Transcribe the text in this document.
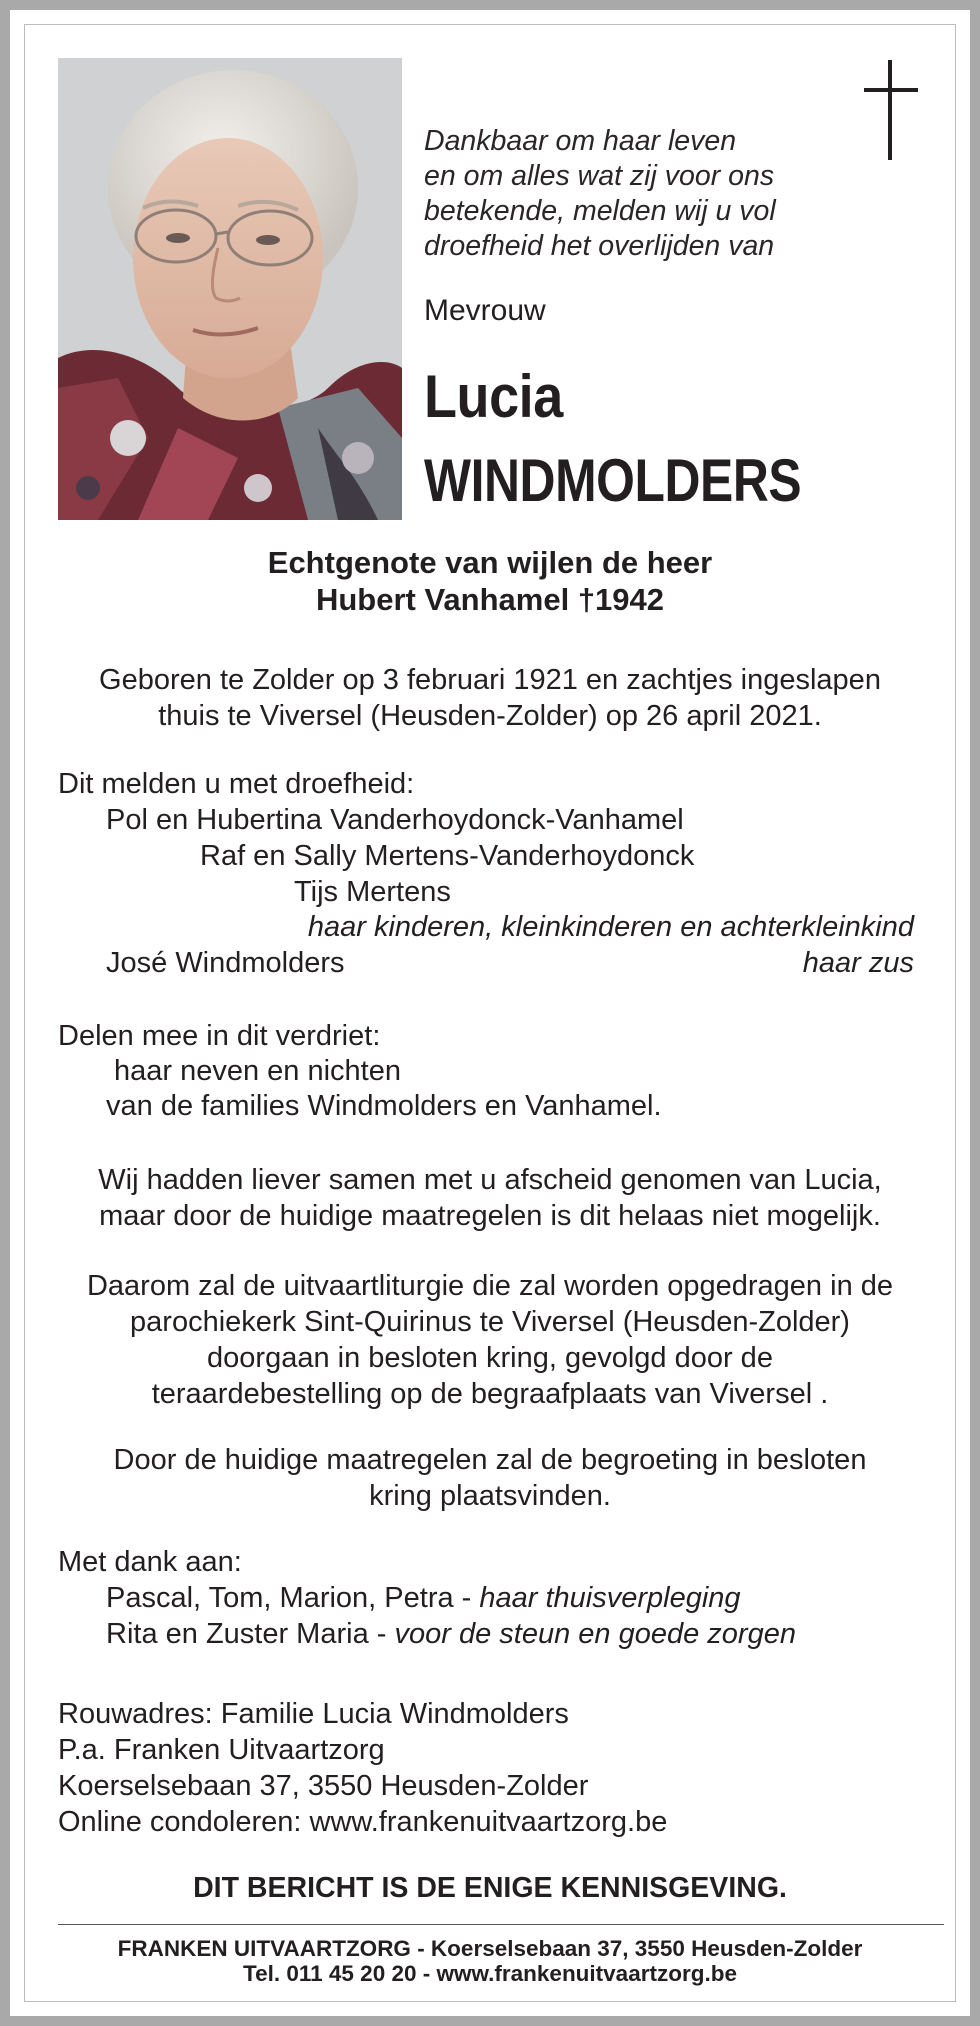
Dankbaar om haar leven
en om alles wat zij voor ons
betekende, melden wij u vol
droefheid het overlijden van
Mevrouw
Lucia
WINDMOLDERS
Echtgenote van wijlen de heer
Hubert Vanhamel †1942
Geboren te Zolder op 3 februari 1921 en zachtjes ingeslapen
thuis te Viversel (Heusden-Zolder) op 26 april 2021.
Dit melden u met droefheid:
Pol en Hubertina Vanderhoydonck-Vanhamel
Raf en Sally Mertens-Vanderhoydonck
Tijs Mertens
haar kinderen, kleinkinderen en achterkleinkind
José Windmolders	haar zus
Delen mee in dit verdriet:
haar neven en nichten
van de families Windmolders en Vanhamel.
Wij hadden liever samen met u afscheid genomen van Lucia,
maar door de huidige maatregelen is dit helaas niet mogelijk.
Daarom zal de uitvaartliturgie die zal worden opgedragen in de
parochiekerk Sint-Quirinus te Viversel (Heusden-Zolder)
doorgaan in besloten kring, gevolgd door de
teraardebestelling op de begraafplaats van Viversel .
Door de huidige maatregelen zal de begroeting in besloten
kring plaatsvinden.
Met dank aan:
Pascal, Tom, Marion, Petra - haar thuisverpleging
Rita en Zuster Maria - voor de steun en goede zorgen
Rouwadres: Familie Lucia Windmolders
P.a. Franken Uitvaartzorg
Koerselsebaan 37, 3550 Heusden-Zolder
Online condoleren: www.frankenuitvaartzorg.be
DIT BERICHT IS DE ENIGE KENNISGEVING.
FRANKEN UITVAARTZORG - Koerselsebaan 37, 3550 Heusden-Zolder
Tel. 011 45 20 20 - www.frankenuitvaartzorg.be
